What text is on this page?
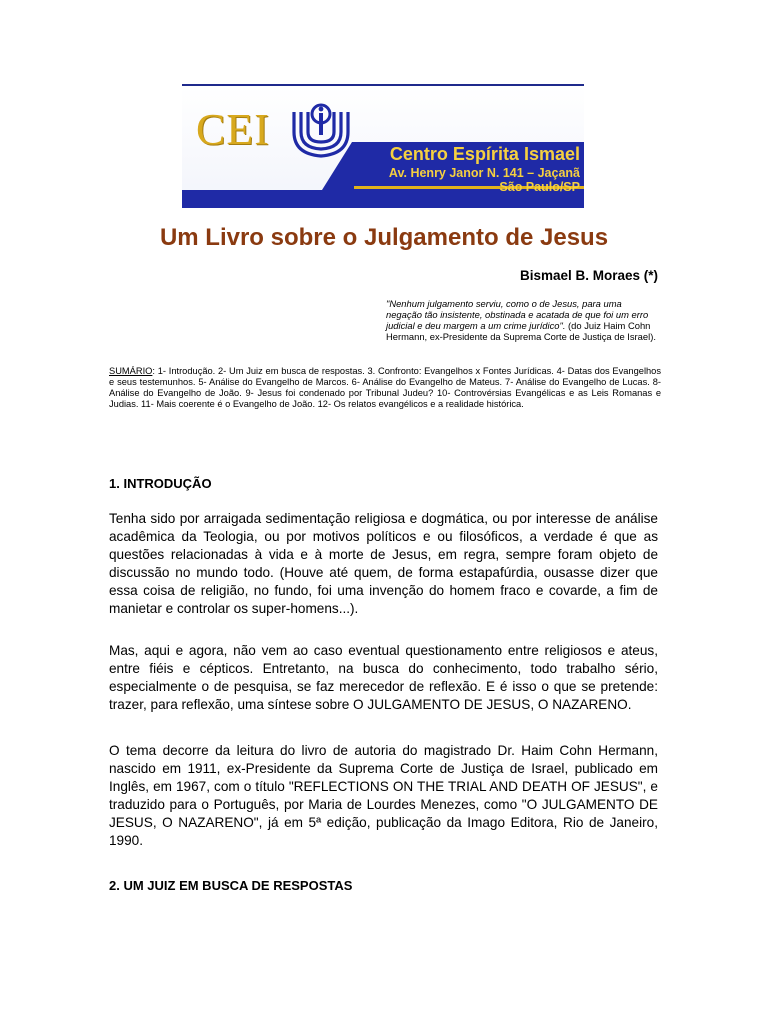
CEI	Centro Espírita Ismael
Av. Henry Janor N. 141 – Jaçanã
São Paulo/SP
Um Livro sobre o Julgamento de Jesus
Bismael B. Moraes (*)
"Nenhum julgamento serviu, como o de Jesus, para uma negação tão insistente, obstinada e acatada de que foi um erro judicial e deu margem a um crime jurídico". (do Juiz Haim Cohn Hermann, ex-Presidente da Suprema Corte de Justiça de Israel).
SUMÁRIO: 1- Introdução. 2- Um Juiz em busca de respostas. 3. Confronto: Evangelhos x Fontes Jurídicas. 4- Datas dos Evangelhos e seus testemunhos. 5- Análise do Evangelho de Marcos. 6- Análise do Evangelho de Mateus. 7- Análise do Evangelho de Lucas. 8- Análise do Evangelho de João. 9- Jesus foi condenado por Tribunal Judeu? 10- Controvérsias Evangélicas e as Leis Romanas e Judias. 11- Mais coerente é o Evangelho de João. 12- Os relatos evangélicos e a realidade histórica.
1. INTRODUÇÃO
Tenha sido por arraigada sedimentação religiosa e dogmática, ou por interesse de análise acadêmica da Teologia, ou por motivos políticos e ou filosóficos, a verdade é que as questões relacionadas à vida e à morte de Jesus, em regra, sempre foram objeto de discussão no mundo todo. (Houve até quem, de forma estapafúrdia, ousasse dizer que essa coisa de religião, no fundo, foi uma invenção do homem fraco e covarde, a fim de manietar e controlar os super-homens...).
Mas, aqui e agora, não vem ao caso eventual questionamento entre religiosos e ateus, entre fiéis e cépticos. Entretanto, na busca do conhecimento, todo trabalho sério, especialmente o de pesquisa, se faz merecedor de reflexão. E é isso o que se pretende: trazer, para reflexão, uma síntese sobre O JULGAMENTO DE JESUS, O NAZARENO.
O tema decorre da leitura do livro de autoria do magistrado Dr. Haim Cohn Hermann, nascido em 1911, ex-Presidente da Suprema Corte de Justiça de Israel, publicado em Inglês, em 1967, com o título "REFLECTIONS ON THE TRIAL AND DEATH OF JESUS", e traduzido para o Português, por Maria de Lourdes Menezes, como "O JULGAMENTO DE JESUS, O NAZARENO", já em 5ª edição, publicação da Imago Editora, Rio de Janeiro, 1990.
2. UM JUIZ EM BUSCA DE RESPOSTAS
